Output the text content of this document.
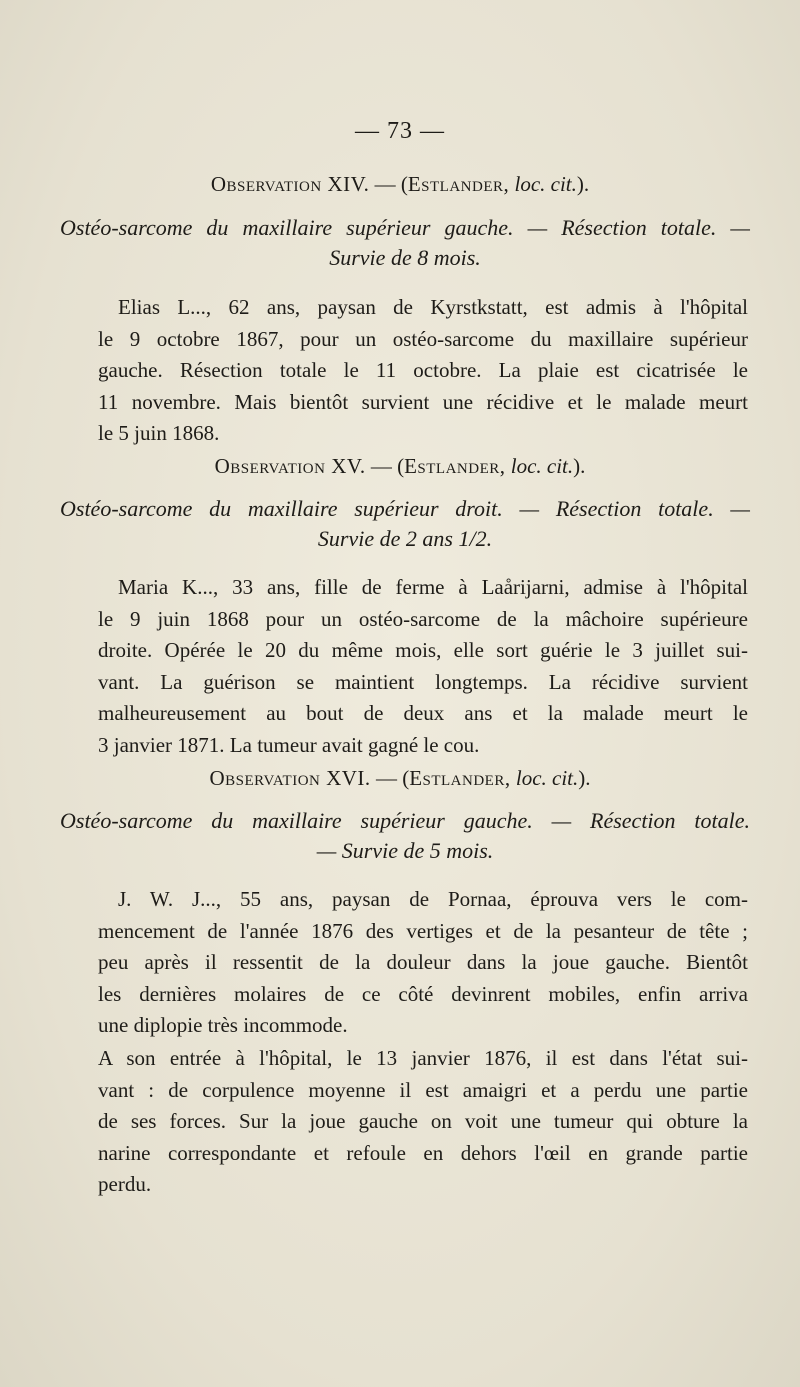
— 73 —
Observation XIV. — (Estlander, loc. cit.).
Ostéo-sarcome du maxillaire supérieur gauche. — Résection totale. —
Survie de 8 mois.
Elias L..., 62 ans, paysan de Kyrstkstatt, est admis à l'hôpital
le 9 octobre 1867, pour un ostéo-sarcome du maxillaire supérieur
gauche. Résection totale le 11 octobre. La plaie est cicatrisée le
11 novembre. Mais bientôt survient une récidive et le malade meurt
le 5 juin 1868.
Observation XV. — (Estlander, loc. cit.).
Ostéo-sarcome du maxillaire supérieur droit. — Résection totale. —
Survie de 2 ans 1/2.
Maria K..., 33 ans, fille de ferme à Laårijarni, admise à l'hôpital
le 9 juin 1868 pour un ostéo-sarcome de la mâchoire supérieure
droite. Opérée le 20 du même mois, elle sort guérie le 3 juillet sui-
vant. La guérison se maintient longtemps. La récidive survient
malheureusement au bout de deux ans et la malade meurt le
3 janvier 1871. La tumeur avait gagné le cou.
Observation XVI. — (Estlander, loc. cit.).
Ostéo-sarcome du maxillaire supérieur gauche. — Résection totale.
— Survie de 5 mois.
J. W. J..., 55 ans, paysan de Pornaa, éprouva vers le com-
mencement de l'année 1876 des vertiges et de la pesanteur de tête ;
peu après il ressentit de la douleur dans la joue gauche. Bientôt
les dernières molaires de ce côté devinrent mobiles, enfin arriva
une diplopie très incommode.
A son entrée à l'hôpital, le 13 janvier 1876, il est dans l'état sui-
vant : de corpulence moyenne il est amaigri et a perdu une partie
de ses forces. Sur la joue gauche on voit une tumeur qui obture la
narine correspondante et refoule en dehors l'œil en grande partie
perdu.
